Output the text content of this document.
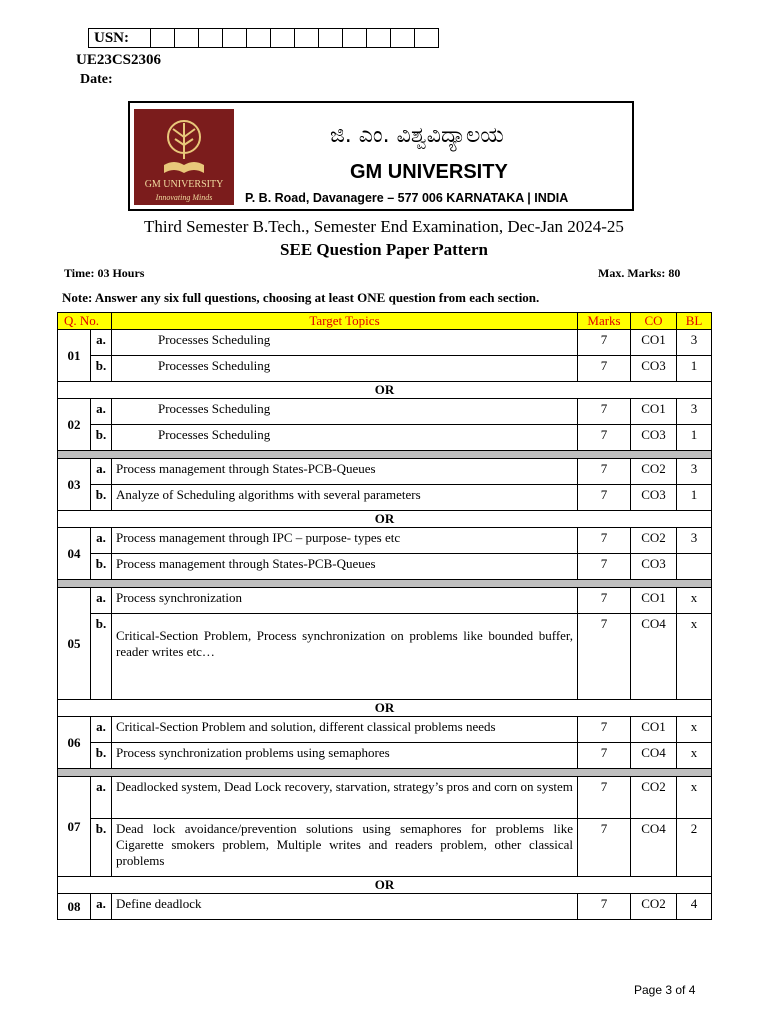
USN:												
UE23CS2306
Date:
GM UNIVERSITY
Innovating Minds
ಜಿ. ಎಂ. ವಿಶ್ವವಿದ್ಯಾಲಯ
GM UNIVERSITY
P. B. Road, Davanagere – 577 006 KARNATAKA | INDIA
Third Semester B.Tech., Semester End Examination, Dec-Jan 2024-25
SEE Question Paper Pattern
Time: 03 Hours	Max. Marks: 80
Note: Answer any six full questions, choosing at least ONE question from each section.
Q. No.		Target Topics	Marks	CO	BL
01	a.	Processes Scheduling	7	CO1	3
	b.	Processes Scheduling	7	CO3	1
OR					
02	a.	Processes Scheduling	7	CO1	3
	b.	Processes Scheduling	7	CO3	1

03	a.	Process management through States-PCB-Queues	7	CO2	3
	b.	Analyze of Scheduling algorithms with several parameters	7	CO3	1
OR					
04	a.	Process management through IPC – purpose- types etc	7	CO2	3
	b.	Process management through States-PCB-Queues	7	CO3	

05	a.	Process synchronization	7	CO1	x
	b.	Critical-Section Problem, Process synchronization on problems like bounded buffer, reader writes etc…	7	CO4	x
OR					
06	a.	Critical-Section Problem and solution, different classical problems needs	7	CO1	x
	b.	Process synchronization problems using semaphores	7	CO4	x

07	a.	Deadlocked system, Dead Lock recovery, starvation, strategy’s pros and corn on system	7	CO2	x
	b.	Dead lock avoidance/prevention solutions using semaphores for problems like Cigarette smokers problem, Multiple writes and readers problem, other classical problems	7	CO4	2
OR					
08	a.	Define deadlock	7	CO2	4
Page 3 of 4
